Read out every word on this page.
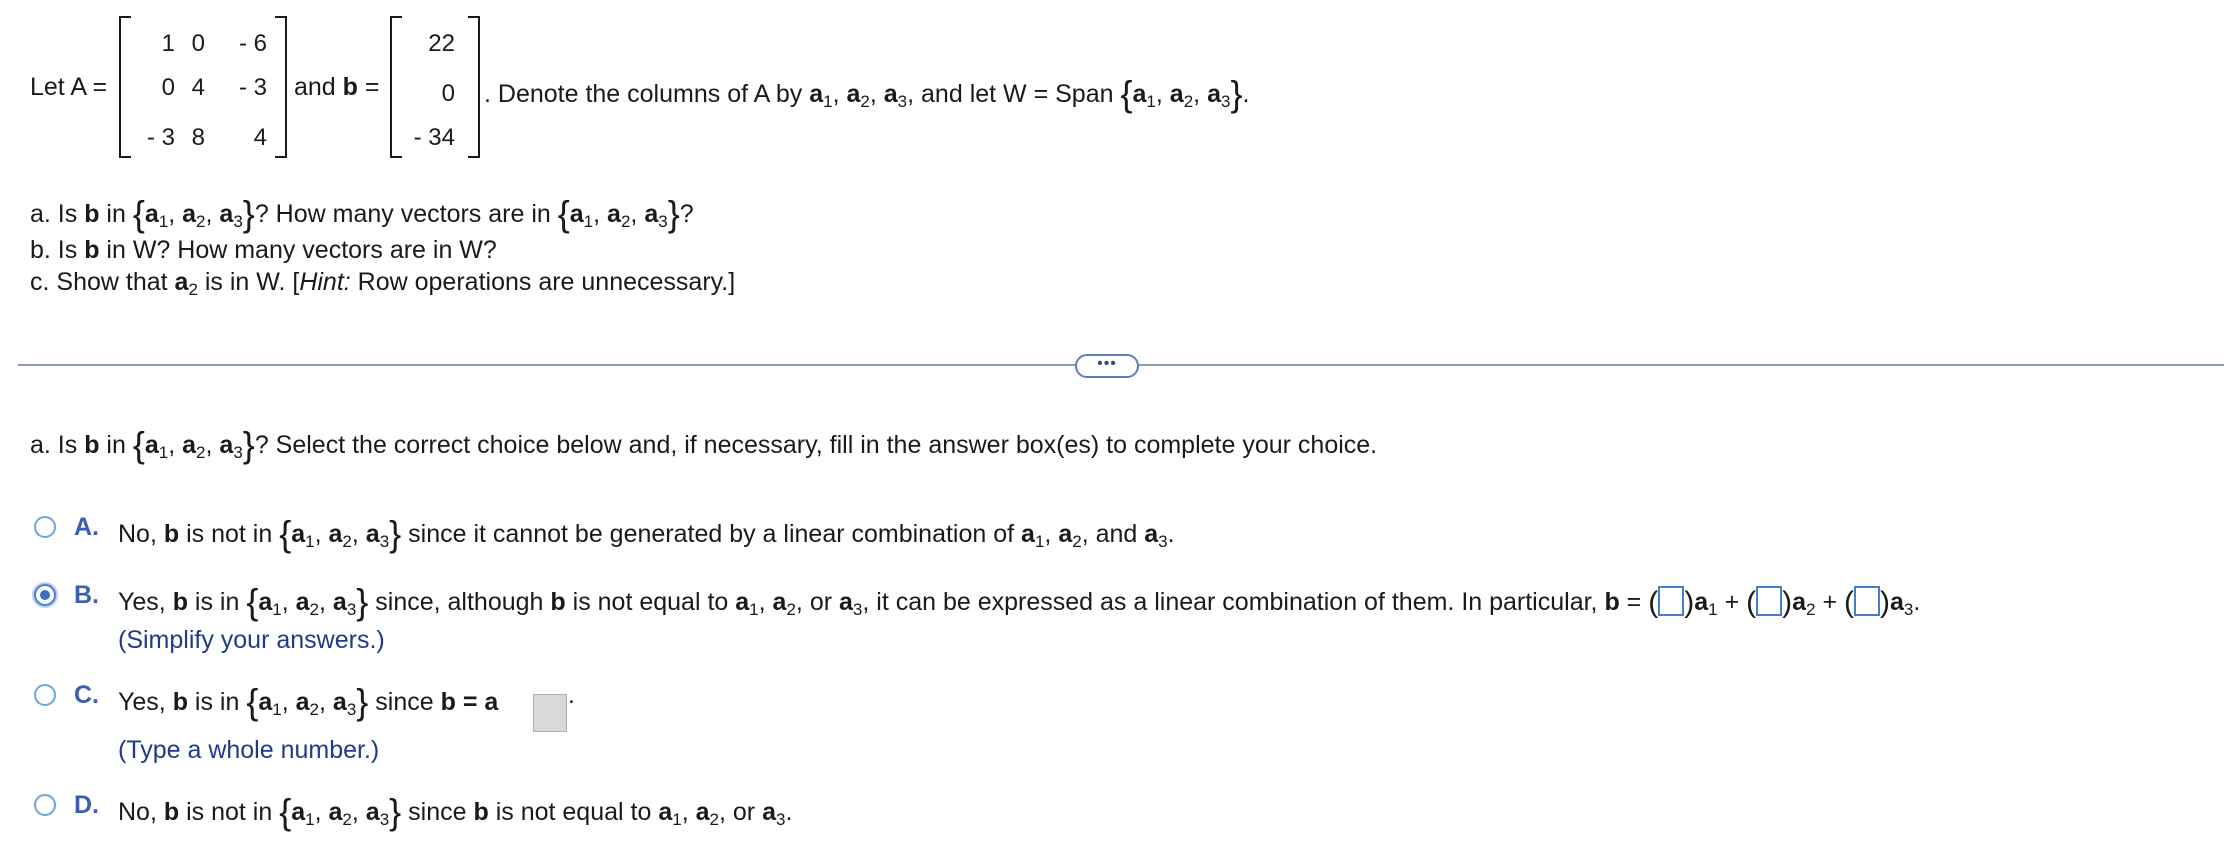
Let A =
1 0	- 6
0 4	- 3
- 3 8	4
and b =
22
0
- 34
. Denote the columns of A by $a_1$, $a_2$, $a_3$, and let W = Span {$a_1$, $a_2$, $a_3$}.
a. Is b in {$a_1$, $a_2$, $a_3$}? How many vectors are in {$a_1$, $a_2$, $a_3$}?
b. Is b in W? How many vectors are in W?
c. Show that $a_2$ is in W. [Hint: Row operations are unnecessary.]
•••
a. Is b in {$a_1$, $a_2$, $a_3$}? Select the correct choice below and, if necessary, fill in the answer box(es) to complete your choice.
A. No, b is not in {$a_1$, $a_2$, $a_3$} since it cannot be generated by a linear combination of $a_1$, $a_2$, and $a_3$.
B. Yes, b is in {$a_1$, $a_2$, $a_3$} since, although b is not equal to $a_1$, $a_2$, or $a_3$, it can be expressed as a linear combination of them. In particular, b = ( )$a_1$ + ( )$a_2$ + ( )$a_3$.
(Simplify your answers.)
C. Yes, b is in {$a_1$, $a_2$, $a_3$} since b = a	.
(Type a whole number.)
D. No, b is not in {$a_1$, $a_2$, $a_3$} since b is not equal to $a_1$, $a_2$, or $a_3$.
